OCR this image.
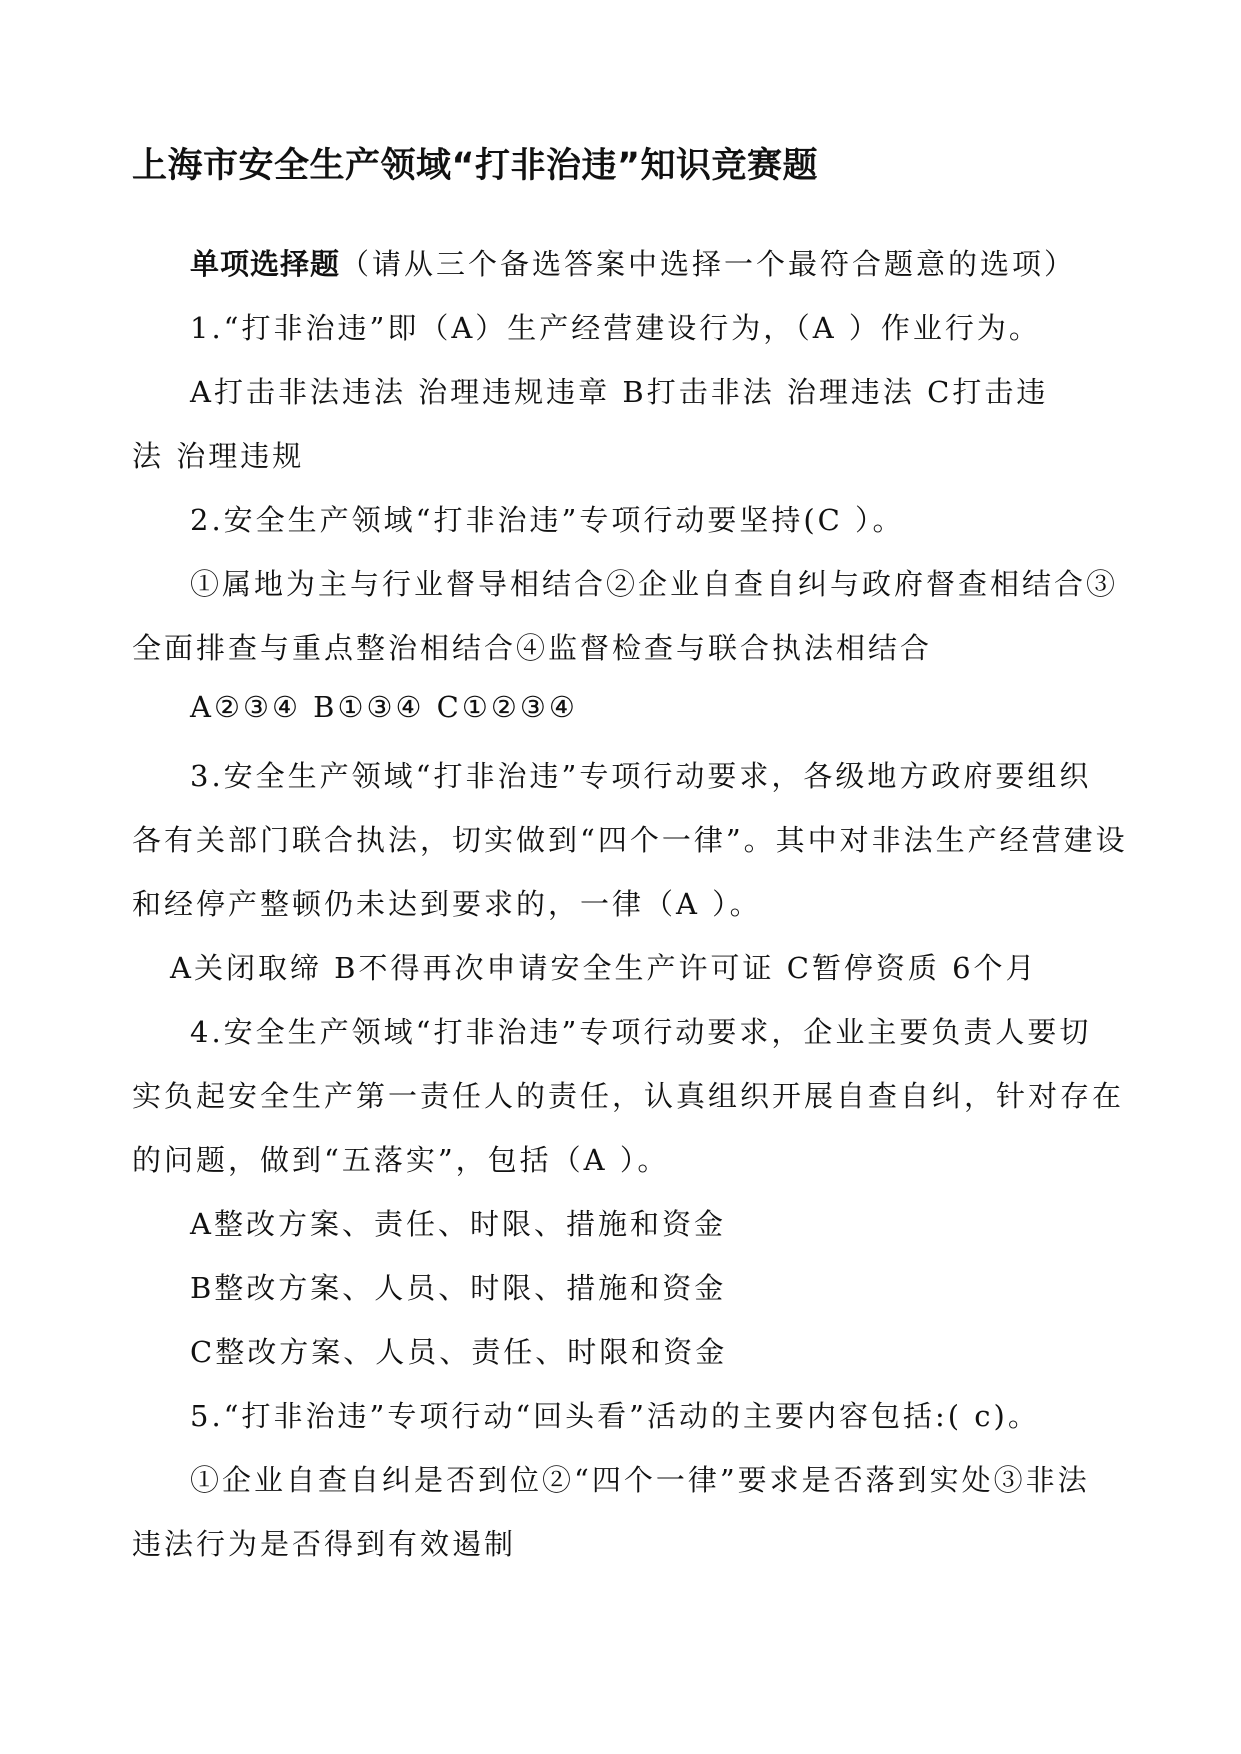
上海市安全生产领域“打非治违”知识竞赛题
单项选择题（请从三个备选答案中选择一个最符合题意的选项）
1.“打非治违”即（A）生产经营建设行为，（A ）作业行为。
A打击非法违法 治理违规违章 B打击非法 治理违法 C打击违
法 治理违规
2.安全生产领域“打非治违”专项行动要坚持(C ）。
①属地为主与行业督导相结合②企业自查自纠与政府督查相结合③
全面排查与重点整治相结合④监督检查与联合执法相结合
A②③④ B①③④ C①②③④
3.安全生产领域“打非治违”专项行动要求，各级地方政府要组织
各有关部门联合执法，切实做到“四个一律”。其中对非法生产经营建设
和经停产整顿仍未达到要求的，一律（A ）。
A关闭取缔 B不得再次申请安全生产许可证 C暂停资质 6个月
4.安全生产领域“打非治违”专项行动要求，企业主要负责人要切
实负起安全生产第一责任人的责任，认真组织开展自查自纠，针对存在
的问题，做到“五落实”，包括（A ）。
A整改方案、责任、时限、措施和资金
B整改方案、人员、时限、措施和资金
C整改方案、人员、责任、时限和资金
5.“打非治违”专项行动“回头看”活动的主要内容包括:( c)。
①企业自查自纠是否到位②“四个一律”要求是否落到实处③非法
违法行为是否得到有效遏制
